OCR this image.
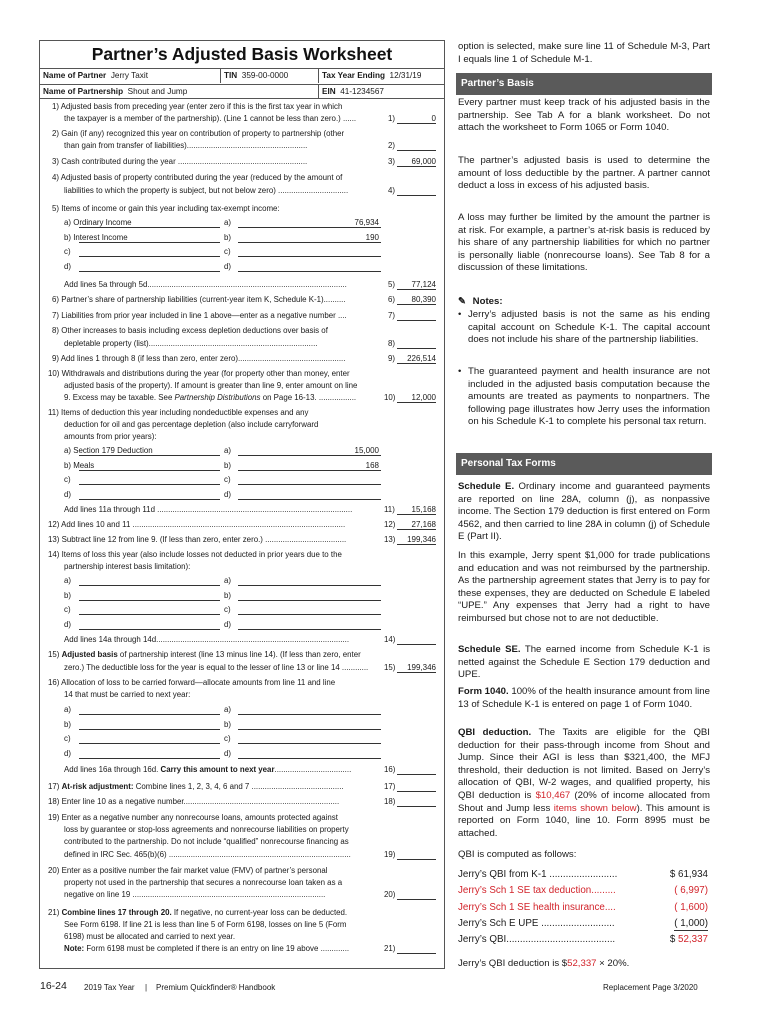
Partner’s Adjusted Basis Worksheet
Name of Partner Jerry Taxit	TIN 359-00-0000	Tax Year Ending 12/31/19
Name of Partnership Shout and Jump	EIN 41-1234567
1) Adjusted basis from preceding year (enter zero if this is the first tax year in which
the taxpayer is a member of the partnership). (Line 1 cannot be less than zero.) ......	1)	0
2) Gain (if any) recognized this year on contribution of property to partnership (other
than gain from transfer of liabilities).......................................................	2)
3) Cash contributed during the year ...........................................................	3)	69,000
4) Adjusted basis of property contributed during the year (reduced by the amount of
liabilities to which the property is subject, but not below zero) ................................	4)
5) Items of income or gain this year including tax-exempt income:
a) Ordinary Income	a)	76,934
b) Interest Income	b)	190
c)	c)
d)	d)
Add lines 5a through 5d...........................................................................................	5)	77,124
6) Partner’s share of partnership liabilities (current-year item K, Schedule K-1)..........	6)	80,390
7) Liabilities from prior year included in line 1 above—enter as a negative number ....	7)
8) Other increases to basis including excess depletion deductions over basis of
depletable property (list).............................................................................	8)
9) Add lines 1 through 8 (if less than zero, enter zero).................................................	9)	226,514
10) Withdrawals and distributions during the year (for property other than money, enter
adjusted basis of the property). If amount is greater than line 9, enter amount on line
9. Excess may be taxable. See Partnership Distributions on Page 16-13. .................	10)	12,000
11) Items of deduction this year including nondeductible expenses and any
deduction for oil and gas percentage depletion (also include carryforward
amounts from prior years):
a) Section 179 Deduction	a)	15,000
b) Meals	b)	168
c)	c)
d)	d)
Add lines 11a through 11d .........................................................................................	11)	15,168
12) Add lines 10 and 11 .................................................................................................	12)	27,168
13) Subtract line 12 from line 9. (If less than zero, enter zero.) .....................................	13)	199,346
14) Items of loss this year (also include losses not deducted in prior years due to the
partnership interest basis limitation):
a)	a)
b)	b)
c)	c)
d)	d)
Add lines 14a through 14d........................................................................................	14)
15) Adjusted basis of partnership interest (line 13 minus line 14). (If less than zero, enter
zero.) The deductible loss for the year is equal to the lesser of line 13 or line 14 ............ 15)	199,346
16) Allocation of loss to be carried forward—allocate amounts from line 11 and line
14 that must be carried to next year:
a)	a)
b)	b)
c)	c)
d)	d)
Add lines 16a through 16d. Carry this amount to next year...................................	16)
17) At-risk adjustment: Combine lines 1, 2, 3, 4, 6 and 7 ..........................................	17)
18) Enter line 10 as a negative number.......................................................................	18)
19) Enter as a negative number any nonrecourse loans, amounts protected against
loss by guarantee or stop-loss agreements and nonrecourse liabilities on property
contributed to the partnership. Do not include “qualified” nonrecourse financing as
defined in IRC Sec. 465(b)(6) ...................................................................................	19)
20) Enter as a positive number the fair market value (FMV) of partner’s personal
property not used in the partnership that secures a nonrecourse loan taken as a
negative on line 19 ........................................................................................	20)
21) Combine lines 17 through 20. If negative, no current-year loss can be deducted.
See Form 6198. If line 21 is less than line 5 of Form 6198, losses on line 5 (Form
6198) must be allocated and carried to next year.
Note: Form 6198 must be completed if there is an entry on line 19 above .............	21)
option is selected, make sure line 11 of Schedule M-3, Part I equals line 1 of Schedule M-1.
Partner’s Basis
Every partner must keep track of his adjusted basis in the partnership. See Tab A for a blank worksheet. Do not attach the worksheet to Form 1065 or Form 1040.
The partner’s adjusted basis is used to determine the amount of loss deductible by the partner. A partner cannot deduct a loss in excess of his adjusted basis.
A loss may further be limited by the amount the partner is at risk. For example, a partner’s at-risk basis is reduced by his share of any partnership liabilities for which no partner is personally liable (nonrecourse loans). See Tab 8 for a discussion of these limitations.
✎ Notes:
• Jerry’s adjusted basis is not the same as his ending capital account on Schedule K-1. The capital account does not include his share of the partnership liabilities.
• The guaranteed payment and health insurance are not included in the adjusted basis computation because the amounts are treated as payments to nonpartners. The following page illustrates how Jerry uses the information on his Schedule K-1 to complete his personal tax return.
Personal Tax Forms
Schedule E. Ordinary income and guaranteed payments are reported on line 28A, column (j), as nonpassive income. The Section 179 deduction is first entered on Form 4562, and then carried to line 28A in column (j) of Schedule E (Part II).
In this example, Jerry spent $1,000 for trade publications and education and was not reimbursed by the partnership. As the partnership agreement states that Jerry is to pay for these expenses, they are deducted on Schedule E labeled “UPE.” Any expenses that Jerry had a right to have reimbursed but chose not to are not deductible.
Schedule SE. The earned income from Schedule K-1 is netted against the Schedule E Section 179 deduction and UPE.
Form 1040. 100% of the health insurance amount from line 13 of Schedule K-1 is entered on page 1 of Form 1040.
QBI deduction. The Taxits are eligible for the QBI deduction for their pass-through income from Shout and Jump. Since their AGI is less than $321,400, the MFJ threshold, their deduction is not limited. Based on Jerry’s allocation of QBI, W-2 wages, and qualified property, his QBI deduction is $10,467 (20% of income allocated from Shout and Jump less items shown below). This amount is reported on Form 1040, line 10. Form 8995 must be attached.
QBI is computed as follows:
Jerry’s QBI from K-1 .........................	$ 61,934
Jerry’s Sch 1 SE tax deduction.........	( 6,997)
Jerry’s Sch 1 SE health insurance....	( 1,600)
Jerry’s Sch E UPE ...........................	( 1,000)
Jerry’s QBI........................................	$ 52,337
Jerry’s QBI deduction is $52,337 × 20%.
16-24 2019 Tax Year | Premium Quickfinder® Handbook	Replacement Page 3/2020
